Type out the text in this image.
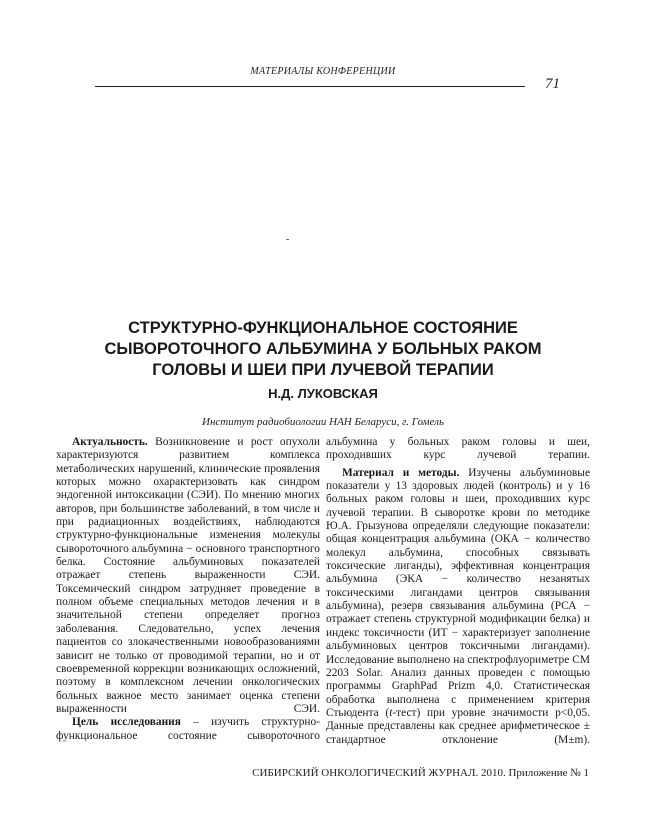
МАТЕРИАЛЫ КОНФЕРЕНЦИИ
71
-
СТРУКТУРНО-ФУНКЦИОНАЛЬНОЕ СОСТОЯНИЕ
СЫВОРОТОЧНОГО АЛЬБУМИНА У БОЛЬНЫХ РАКОМ
ГОЛОВЫ И ШЕИ ПРИ ЛУЧЕВОЙ ТЕРАПИИ
Н.Д. ЛУКОВСКАЯ
Институт радиобиологии НАН Беларуси, г. Гомель

Актуальность. Возникновение и рост опухоли характеризуются развитием комплекса метаболических нарушений, клинические проявления которых можно охарактеризовать как синдром эндогенной интоксикации (СЭИ). По мнению многих авторов, при большинстве заболеваний, в том числе и при радиационных воздействиях, наблюдаются структурно-функциональные изменения молекулы сывороточного альбумина − основного транспортного белка. Состояние альбуминовых показателей отражает степень выраженности СЭИ. Токсемический синдром затрудняет проведение в полном объеме специальных методов лечения и в значительной степени определяет прогноз заболевания. Следовательно, успех лечения пациентов со злокачественными новообразованиями зависит не только от проводимой терапии, но и от своевременной коррекции возникающих осложнений, поэтому в комплексном лечении онкологических больных важное место занимает оценка степени выраженности СЭИ.

Цель исследования – изучить структурно-функциональное состояние сывороточного

альбумина у больных раком головы и шеи, проходивших курс лучевой терапии.

Материал и методы. Изучены альбуминовые показатели у 13 здоровых людей (контроль) и у 16 больных раком головы и шеи, проходивших курс лучевой терапии. В сыворотке крови по методике Ю.А. Грызунова определяли следующие показатели: общая концентрация альбумина (ОКА − количество молекул альбумина, способных связывать токсические лиганды), эффективная концентрация альбумина (ЭКА − количество незанятых токсическими лигандами центров связывания альбумина), резерв связывания альбумина (РСА − отражает степень структурной модификации белка) и индекс токсичности (ИТ − характеризует заполнение альбуминовых центров токсичными лигандами). Исследование выполнено на спектрофлуориметре СМ 2203 Solar. Анализ данных проведен с помощью программы GraphPad Prizm 4,0. Статистическая обработка выполнена с применением критерия Стьюдента (t-тест) при уровне значимости p<0,05. Данные представлены как среднее арифметическое ± стандартное отклонение (M±m).

СИБИРСКИЙ ОНКОЛОГИЧЕСКИЙ ЖУРНАЛ. 2010. Приложение № 1
